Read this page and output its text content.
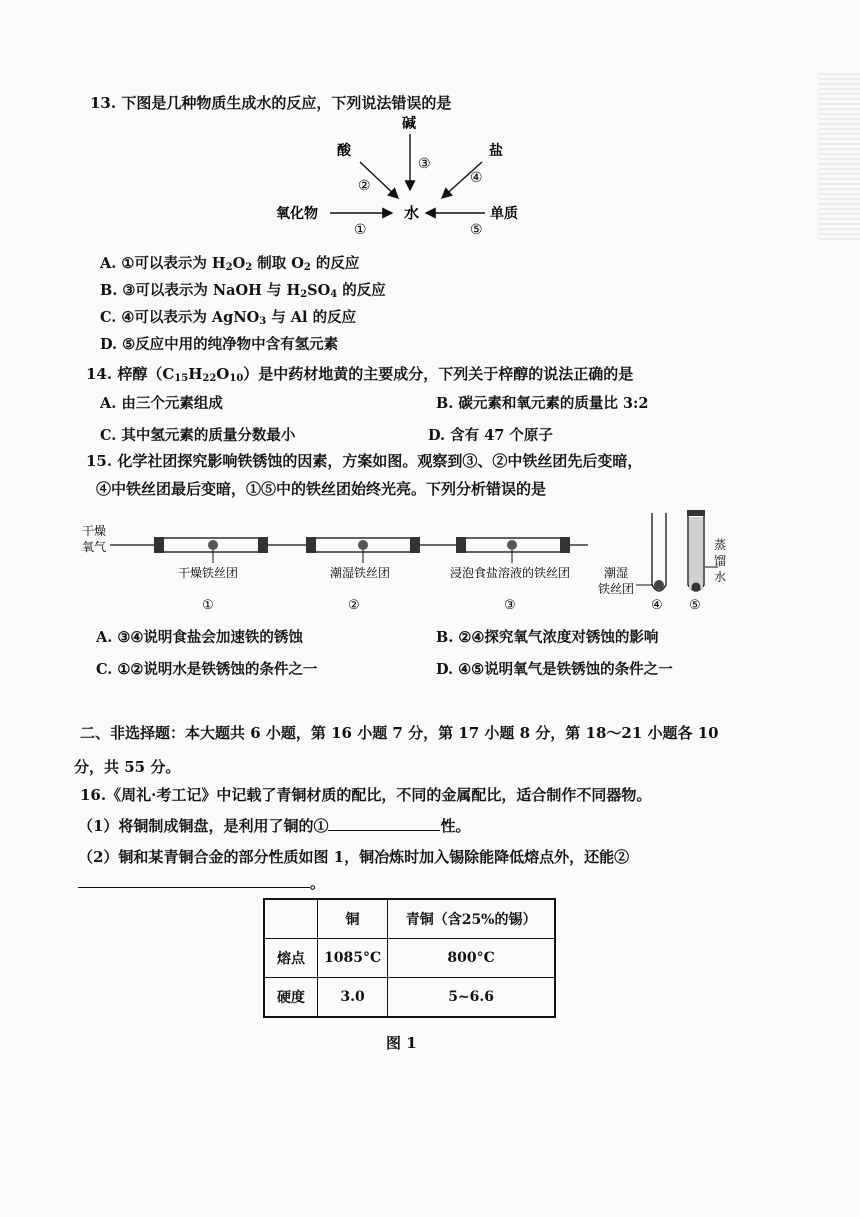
13. 下图是几种物质生成水的反应，下列说法错误的是
碱
酸	盐
氧化物	水	单质
③
②	④
①	⑤
A. ①可以表示为 $H_2O_2$ 制取 $O_2$ 的反应
B. ③可以表示为 NaOH 与 $H_2SO_4$ 的反应
C. ④可以表示为 AgNO$_3$ 与 Al 的反应
D. ⑤反应中用的纯净物中含有氢元素
14. 梓醇$(C_{15}H_{22}O_{10})$是中药材地黄的主要成分，下列关于梓醇的说法正确的是
A. 由三个元素组成	B. 碳元素和氧元素的质量比 3:2
C. 其中氢元素的质量分数最小	D. 含有 47 个原子
15. 化学社团探究影响铁锈蚀的因素，方案如图。观察到③、②中铁丝团先后变暗，
④中铁丝团最后变暗，①⑤中的铁丝团始终光亮。下列分析错误的是
干燥
氧气
干燥铁丝团	潮湿铁丝团	浸泡食盐溶液的铁丝团	潮湿
铁丝团
蒸
馏
水
①	②	③	④ ⑤
A. ③④说明食盐会加速铁的锈蚀	B. ②④探究氧气浓度对锈蚀的影响
C. ①②说明水是铁锈蚀的条件之一	D. ④⑤说明氧气是铁锈蚀的条件之一
二、非选择题：本大题共 6 小题，第 16 小题 7 分，第 17 小题 8 分，第 18～21 小题各 10
分，共 55 分。
16.《周礼·考工记》中记载了青铜材质的配比，不同的金属配比，适合制作不同器物。
（1）将铜制成铜盘，是利用了铜的①	性。
（2）铜和某青铜合金的部分性质如图 1，铜冶炼时加入锡除能降低熔点外，还能②
。
	铜	青铜（含25%的锡）
熔点	1085°C	800°C
硬度	3.0	5~6.6
图 1
